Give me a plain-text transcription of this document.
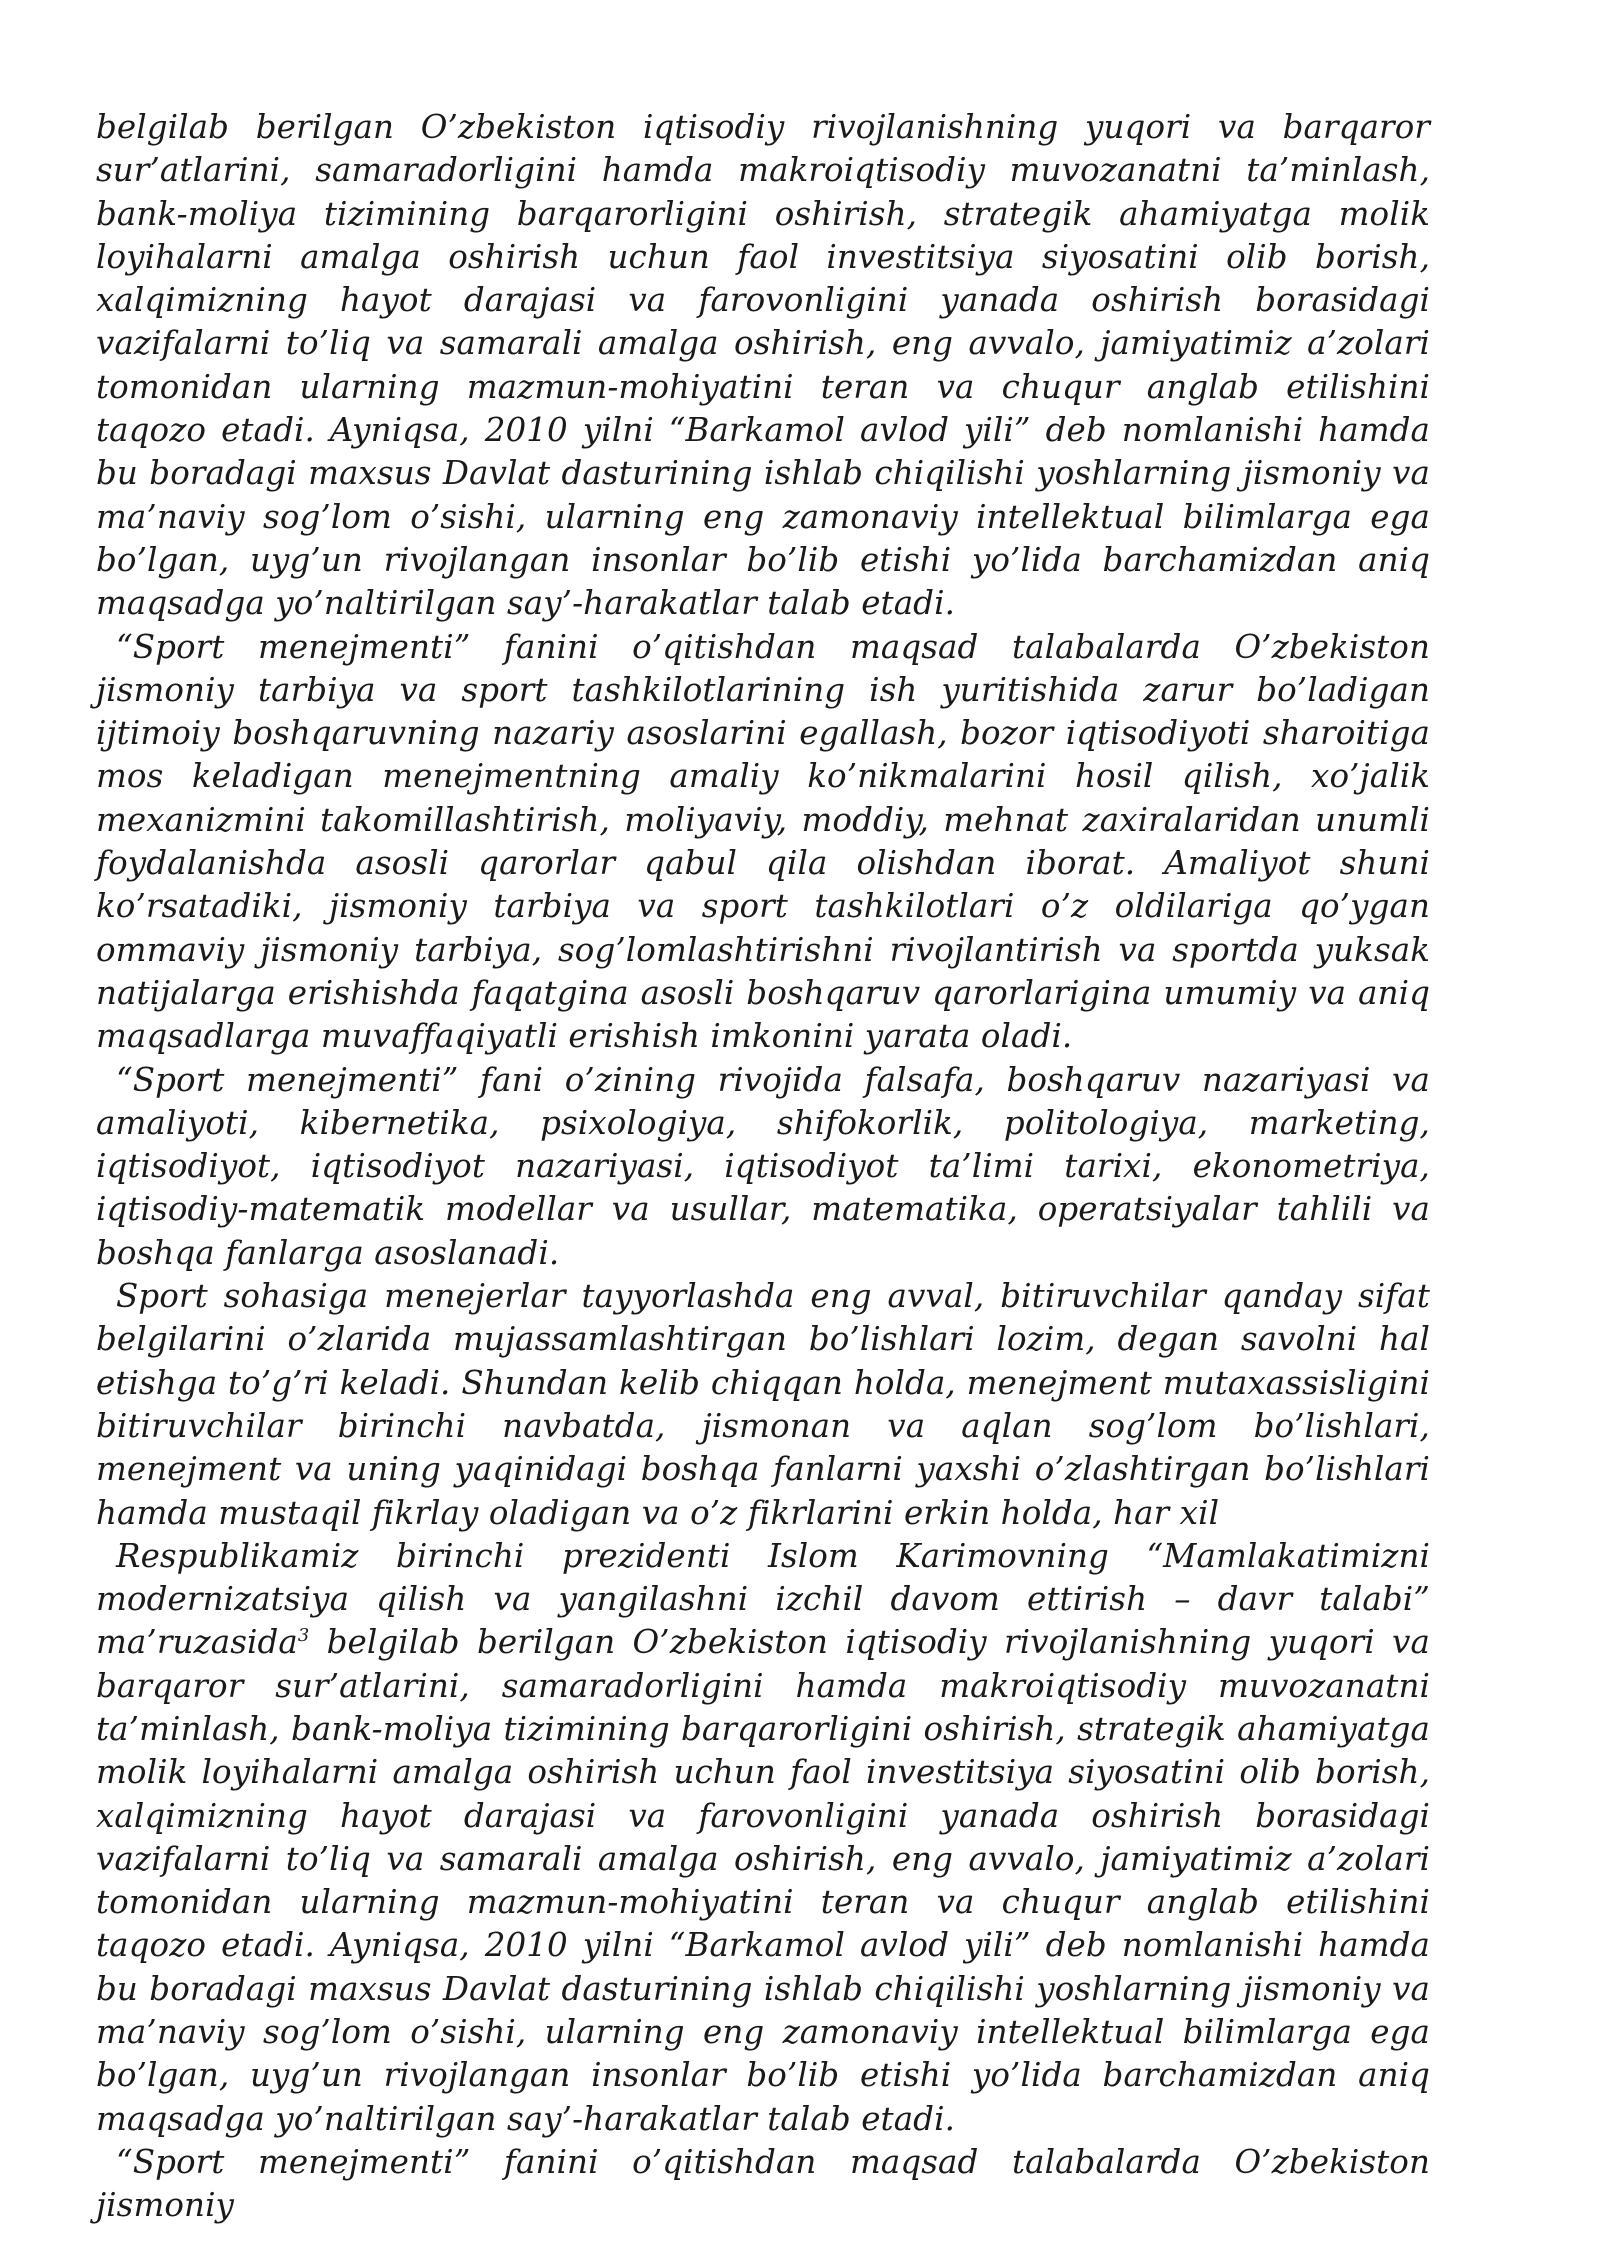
belgilab berilgan O’zbekiston iqtisodiy rivojlanishning yuqori va barqaror sur’atlarini, samaradorligini hamda makroiqtisodiy muvozanatni ta’minlash, bank-moliya tizimining barqarorligini oshirish, strategik ahamiyatga molik loyihalarni amalga oshirish uchun faol investitsiya siyosatini olib borish, xalqimizning hayot darajasi va farovonligini yanada oshirish borasidagi vazifalarni to’liq va samarali amalga oshirish, eng avvalo, jamiyatimiz a’zolari tomonidan ularning mazmun-mohiyatini teran va chuqur anglab etilishini taqozo etadi. Ayniqsa, 2010 yilni “Barkamol avlod yili” deb nomlanishi hamda bu boradagi maxsus Davlat dasturining ishlab chiqilishi yoshlarning jismoniy va ma’naviy sog’lom o’sishi, ularning eng zamonaviy intellektual bilimlarga ega bo’lgan, uyg’un rivojlangan insonlar bo’lib etishi yo’lida barchamizdan aniq maqsadga yo’naltirilgan say’-harakatlar talab etadi.

“Sport menejmenti” fanini o’qitishdan maqsad talabalarda O’zbekiston jismoniy tarbiya va sport tashkilotlarining ish yuritishida zarur bo’ladigan ijtimoiy boshqaruvning nazariy asoslarini egallash, bozor iqtisodiyoti sharoitiga mos keladigan menejmentning amaliy ko’nikmalarini hosil qilish, xo’jalik mexanizmini takomillashtirish, moliyaviy, moddiy, mehnat zaxiralaridan unumli foydalanishda asosli qarorlar qabul qila olishdan iborat. Amaliyot shuni ko’rsatadiki, jismoniy tarbiya va sport tashkilotlari o’z oldilariga qo’ygan ommaviy jismoniy tarbiya, sog’lomlashtirishni rivojlantirish va sportda yuksak natijalarga erishishda faqatgina asosli boshqaruv qarorlarigina umumiy va aniq maqsadlarga muvaffaqiyatli erishish imkonini yarata oladi.

“Sport menejmenti” fani o’zining rivojida falsafa, boshqaruv nazariyasi va amaliyoti, kibernetika, psixologiya, shifokorlik, politologiya, marketing, iqtisodiyot, iqtisodiyot nazariyasi, iqtisodiyot ta’limi tarixi, ekonometriya, iqtisodiy-matematik modellar va usullar, matematika, operatsiyalar tahlili va boshqa fanlarga asoslanadi.

Sport sohasiga menejerlar tayyorlashda eng avval, bitiruvchilar qanday sifat belgilarini o’zlarida mujassamlashtirgan bo’lishlari lozim, degan savolni hal etishga to’g’ri keladi. Shundan kelib chiqqan holda, menejment mutaxassisligini bitiruvchilar birinchi navbatda, jismonan va aqlan sog’lom bo’lishlari, menejment va uning yaqinidagi boshqa fanlarni yaxshi o’zlashtirgan bo’lishlari hamda mustaqil fikrlay oladigan va o’z fikrlarini erkin holda, har xil

Respublikamiz birinchi prezidenti Islom Karimovning “Mamlakatimizni modernizatsiya qilish va yangilashni izchil davom ettirish – davr talabi” ma’ruzasida$^3$ belgilab berilgan O’zbekiston iqtisodiy rivojlanishning yuqori va barqaror sur’atlarini, samaradorligini hamda makroiqtisodiy muvozanatni ta’minlash, bank-moliya tizimining barqarorligini oshirish, strategik ahamiyatga molik loyihalarni amalga oshirish uchun faol investitsiya siyosatini olib borish, xalqimizning hayot darajasi va farovonligini yanada oshirish borasidagi vazifalarni to’liq va samarali amalga oshirish, eng avvalo, jamiyatimiz a’zolari tomonidan ularning mazmun-mohiyatini teran va chuqur anglab etilishini taqozo etadi. Ayniqsa, 2010 yilni “Barkamol avlod yili” deb nomlanishi hamda bu boradagi maxsus Davlat dasturining ishlab chiqilishi yoshlarning jismoniy va ma’naviy sog’lom o’sishi, ularning eng zamonaviy intellektual bilimlarga ega bo’lgan, uyg’un rivojlangan insonlar bo’lib etishi yo’lida barchamizdan aniq maqsadga yo’naltirilgan say’-harakatlar talab etadi.

“Sport menejmenti” fanini o’qitishdan maqsad talabalarda O’zbekiston jismoniy
